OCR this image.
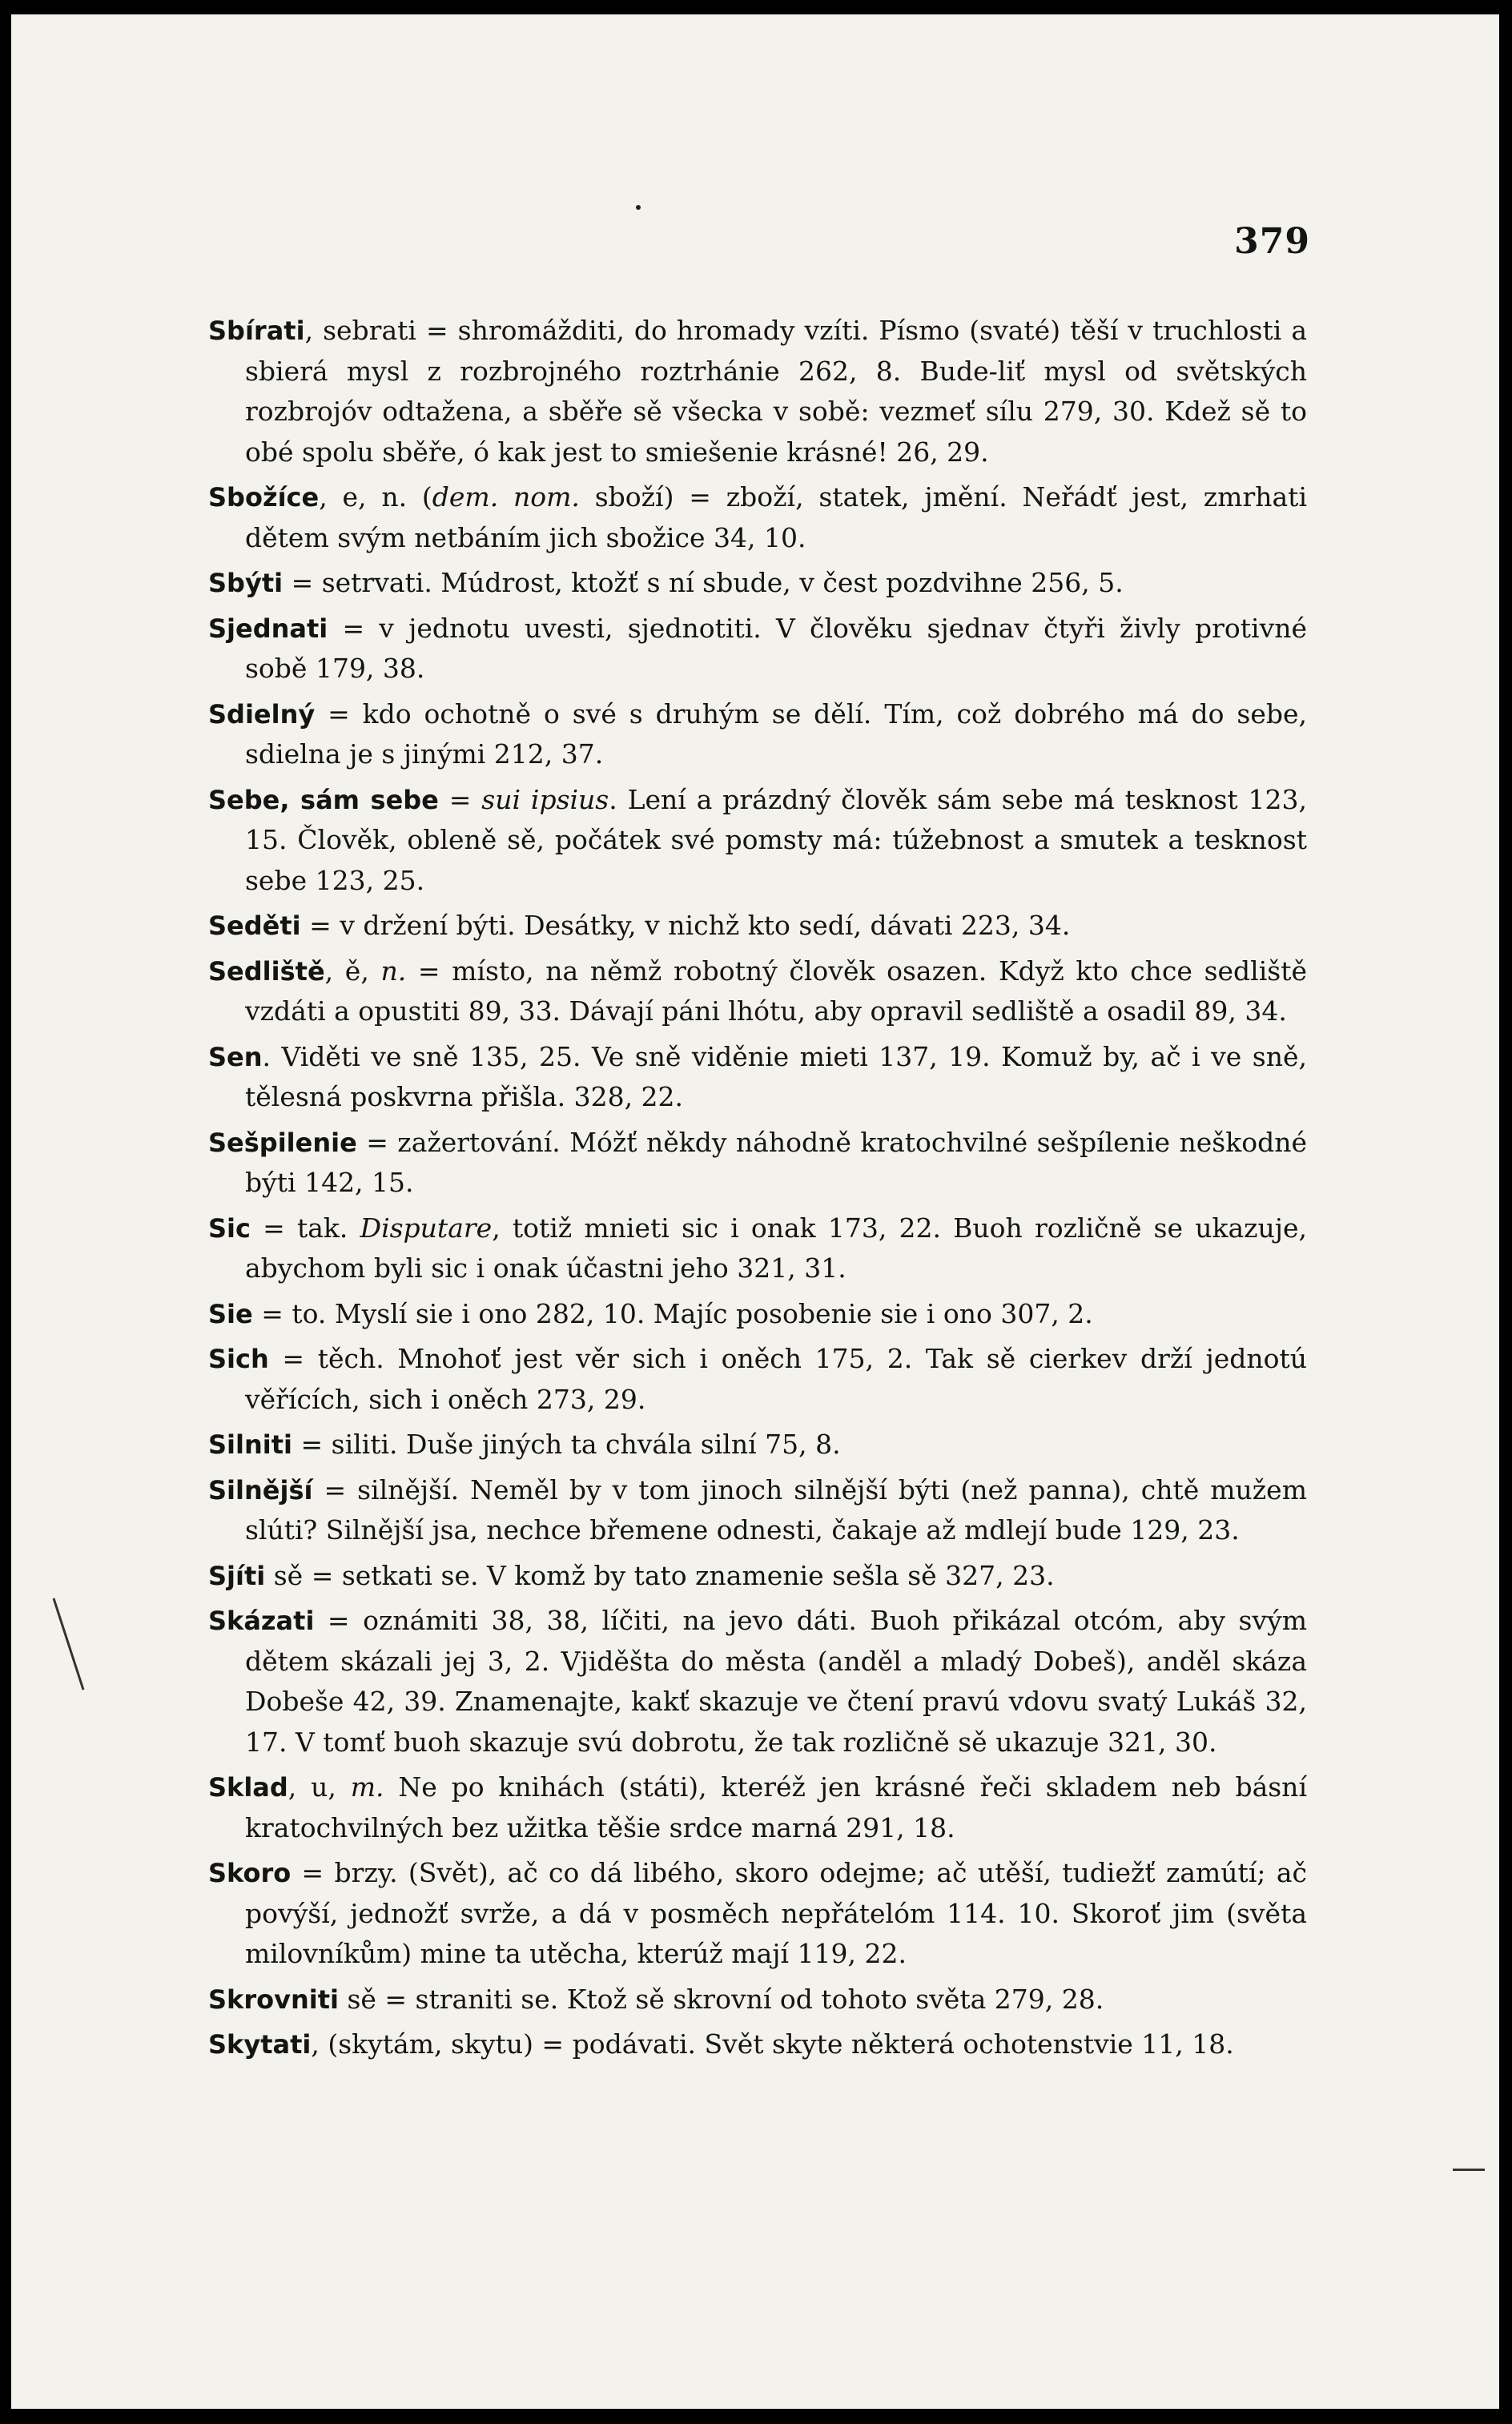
379

Sbírati, sebrati = shromážditi, do hromady vzíti. Písmo (svaté) těší v truchlosti a sbierá mysl z rozbrojného roztrhánie 262, 8. Bude-liť mysl od světských rozbrojóv odtažena, a sběře sě všecka v sobě: vezmeť sílu 279, 30. Kdež sě to obé spolu sběře, ó kak jest to smiešenie krásné! 26, 29.

Sbožíce, e, n. (dem. nom. sboží) = zboží, statek, jmění. Neřádť jest, zmrhati dětem svým netbáním jich sbožice 34, 10.

Sbýti = setrvati. Múdrost, ktožť s ní sbude, v čest pozdvihne 256, 5.

Sjednati = v jednotu uvesti, sjednotiti. V člověku sjednav čtyři živly protivné sobě 179, 38.

Sdielný = kdo ochotně o své s druhým se dělí. Tím, což dobrého má do sebe, sdielna je s jinými 212, 37.

Sebe, sám sebe = sui ipsius. Lení a prázdný člověk sám sebe má tesknost 123, 15. Člověk, obleně sě, počátek své pomsty má: túžebnost a smutek a tesknost sebe 123, 25.

Seděti = v držení býti. Desátky, v nichž kto sedí, dávati 223, 34.

Sedliště, ě, n. = místo, na němž robotný člověk osazen. Když kto chce sedliště vzdáti a opustiti 89, 33. Dávají páni lhótu, aby opravil sedliště a osadil 89, 34.

Sen. Viděti ve sně 135, 25. Ve sně viděnie mieti 137, 19. Komuž by, ač i ve sně, tělesná poskvrna přišla. 328, 22.

Sešpilenie = zažertování. Móžť někdy náhodně kratochvilné sešpílenie neškodné býti 142, 15.

Sic = tak. Disputare, totiž mnieti sic i onak 173, 22. Buoh rozličně se ukazuje, abychom byli sic i onak účastni jeho 321, 31.

Sie = to. Myslí sie i ono 282, 10. Majíc posobenie sie i ono 307, 2.

Sich = těch. Mnohoť jest věr sich i oněch 175, 2. Tak sě cierkev drží jednotú věřících, sich i oněch 273, 29.

Silniti = siliti. Duše jiných ta chvála silní 75, 8.

Silnější = silnější. Neměl by v tom jinoch silnější býti (než panna), chtě mužem slúti? Silnější jsa, nechce břemene odnesti, čakaje až mdlejí bude 129, 23.

Sjíti sě = setkati se. V komž by tato znamenie sešla sě 327, 23.

Skázati = oznámiti 38, 38, líčiti, na jevo dáti. Buoh přikázal otcóm, aby svým dětem skázali jej 3, 2. Vjiděšta do města (anděl a mladý Dobeš), anděl skáza Dobeše 42, 39. Znamenajte, kakť skazuje ve čtení pravú vdovu svatý Lukáš 32, 17. V tomť buoh skazuje svú dobrotu, že tak rozličně sě ukazuje 321, 30.

Sklad, u, m. Ne po knihách (státi), kteréž jen krásné řeči skladem neb básní kratochvilných bez užitka těšie srdce marná 291, 18.

Skoro = brzy. (Svět), ač co dá libého, skoro odejme; ač utěší, tudiežť zamútí; ač povýší, jednožť svrže, a dá v posměch nepřátelóm 114. 10. Skoroť jim (světa milovníkům) mine ta utěcha, kterúž mají 119, 22.

Skrovniti sě = straniti se. Ktož sě skrovní od tohoto světa 279, 28.

Skytati, (skytám, skytu) = podávati. Svět skyte některá ochotenstvie 11, 18.
